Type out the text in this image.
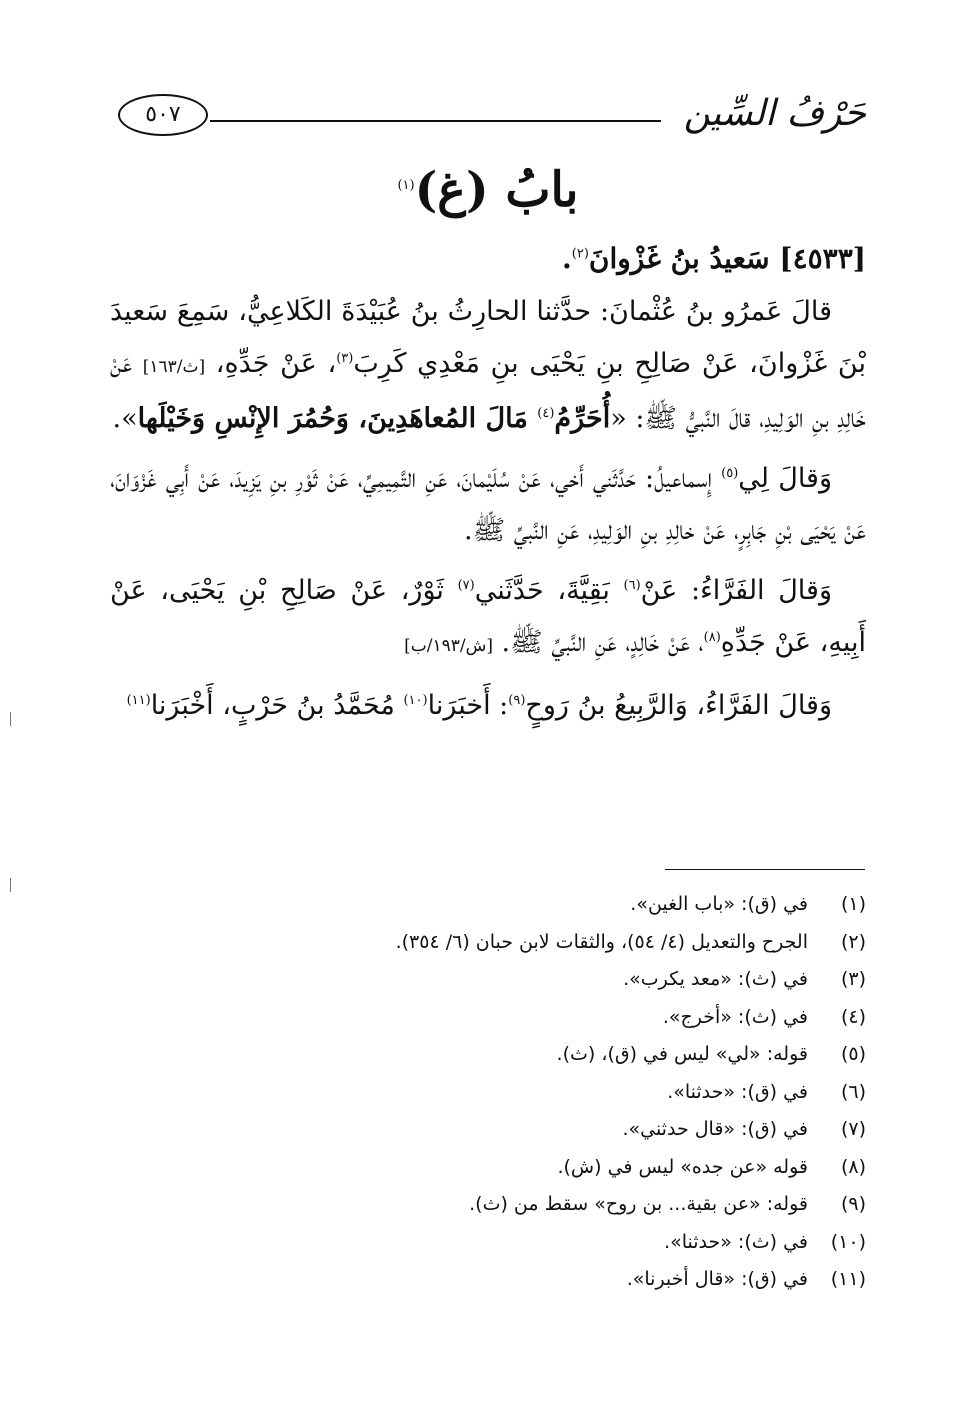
حَرْفُ السِّين
٥٠٧
بابُ (غ)$^{(١)}$
[٤٥٣٣] سَعيدُ بنُ غَزْوانَ$^{(٢)}$.

قالَ عَمرُو بنُ عُثْمانَ: حدَّثنا الحارِثُ بنُ عُبَيْدَةَ الكَلاعِيُّ، سَمِعَ سَعيدَ بْنَ غَزْوانَ، عَنْ صَالِحِ بنِ يَحْيَى بنِ مَعْدِي كَرِبَ$^{(٣)}$، عَنْ جَدِّهِ، [ث/١٦٣] عَنْ خَالِدِ بنِ الوَلِيدِ، قالَ النَّبيُّ ﷺ: «أُحَرِّمُ$^{(٤)}$ مَالَ المُعاهَدِينَ، وَحُمُرَ الإِنْسِ وَخَيْلَها».

وَقالَ لِي$^{(٥)}$ إِسماعيلُ: حَدَّثَني أَخي، عَنْ سُلَيْمانَ، عَنِ التَّمِيمِيِّ، عَنْ ثَوْرِ بنِ يَزِيدَ، عَنْ أَبِي غَزْوَانَ، عَنْ يَحْيَى بْنِ جَابِرٍ، عَنْ خالِدِ بنِ الوَلِيدِ، عَنِ النَّبيِّ ﷺ.

وَقالَ الفَرَّاءُ: عَنْ$^{(٦)}$ بَقِيَّةَ، حَدَّثَني$^{(٧)}$ ثَوْرٌ، عَنْ صَالِحِ بْنِ يَحْيَى، عَنْ أَبِيهِ، عَنْ جَدِّهِ$^{(٨)}$، عَنْ خَالِدٍ، عَنِ النَّبيِّ ﷺ. [ش/١٩٣/ب]

وَقالَ الفَرَّاءُ، وَالرَّبِيعُ بنُ رَوحٍ$^{(٩)}$: أَخبَرَنا$^{(١٠)}$ مُحَمَّدُ بنُ حَرْبٍ، أَخْبَرَنا$^{(١١)}$

(١)في (ق): «باب الغين».
(٢)الجرح والتعديل (٤/ ٥٤)، والثقات لابن حبان (٦/ ٣٥٤).
(٣)في (ث): «معد يكرب».
(٤)في (ث): «أخرج».
(٥)قوله: «لي» ليس في (ق)، (ث).
(٦)في (ق): «حدثنا».
(٧)في (ق): «قال حدثني».
(٨)قوله «عن جده» ليس في (ش).
(٩)قوله: «عن بقية... بن روح» سقط من (ث).
(١٠)في (ث): «حدثنا».
(١١)في (ق): «قال أخبرنا».
